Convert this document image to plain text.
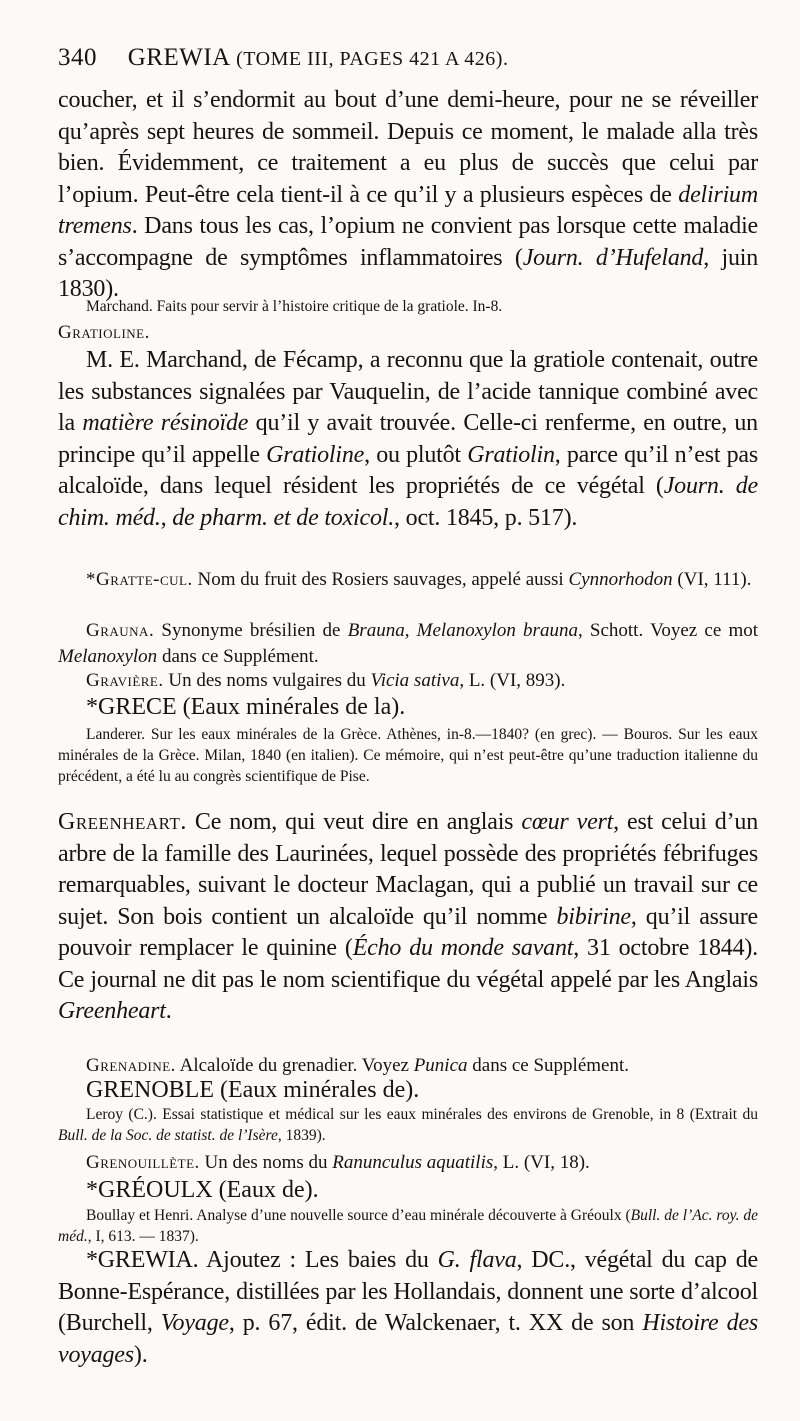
340 GREWIA (TOME III, PAGES 421 A 426).

coucher, et il s’endormit au bout d’une demi-heure, pour ne se réveiller qu’après sept heures de sommeil. Depuis ce moment, le malade alla très bien. Évidemment, ce traitement a eu plus de succès que celui par l’opium. Peut-être cela tient-il à ce qu’il y a plusieurs espèces de delirium tremens. Dans tous les cas, l’opium ne convient pas lorsque cette maladie s’accompagne de symptômes inflammatoires (Journ. d’Hufeland, juin 1830).

Marchand. Faits pour servir à l’histoire critique de la gratiole. In-8.

Gratioline.

M. E. Marchand, de Fécamp, a reconnu que la gratiole contenait, outre les substances signalées par Vauquelin, de l’acide tannique combiné avec la matière résinoïde qu’il y avait trouvée. Celle-ci renferme, en outre, un principe qu’il appelle Gratioline, ou plutôt Gratiolin, parce qu’il n’est pas alcaloïde, dans lequel résident les propriétés de ce végétal (Journ. de chim. méd., de pharm. et de toxicol., oct. 1845, p. 517).

*Gratte-cul. Nom du fruit des Rosiers sauvages, appelé aussi Cynnorhodon (VI, 111).

Grauna. Synonyme brésilien de Brauna, Melanoxylon brauna, Schott. Voyez ce mot Melanoxylon dans ce Supplément.

Gravière. Un des noms vulgaires du Vicia sativa, L. (VI, 893).

*GRECE (Eaux minérales de la).

Landerer. Sur les eaux minérales de la Grèce. Athènes, in-8.—1840? (en grec). — Bouros. Sur les eaux minérales de la Grèce. Milan, 1840 (en italien). Ce mémoire, qui n’est peut-être qu’une traduction italienne du précédent, a été lu au congrès scientifique de Pise.

Greenheart. Ce nom, qui veut dire en anglais cœur vert, est celui d’un arbre de la famille des Laurinées, lequel possède des propriétés fébrifuges remarquables, suivant le docteur Maclagan, qui a publié un travail sur ce sujet. Son bois contient un alcaloïde qu’il nomme bibirine, qu’il assure pouvoir remplacer le quinine (Écho du monde savant, 31 octobre 1844). Ce journal ne dit pas le nom scientifique du végétal appelé par les Anglais Greenheart.

Grenadine. Alcaloïde du grenadier. Voyez Punica dans ce Supplément.

GRENOBLE (Eaux minérales de).

Leroy (C.). Essai statistique et médical sur les eaux minérales des environs de Grenoble, in 8 (Extrait du Bull. de la Soc. de statist. de l’Isère, 1839).

Grenouillète. Un des noms du Ranunculus aquatilis, L. (VI, 18).

*GRÉOULX (Eaux de).

Boullay et Henri. Analyse d’une nouvelle source d’eau minérale découverte à Gréoulx (Bull. de l’Ac. roy. de méd., I, 613. — 1837).

*GREWIA. Ajoutez : Les baies du G. flava, DC., végétal du cap de Bonne-Espérance, distillées par les Hollandais, donnent une sorte d’alcool (Burchell, Voyage, p. 67, édit. de Walckenaer, t. XX de son Histoire des voyages).
